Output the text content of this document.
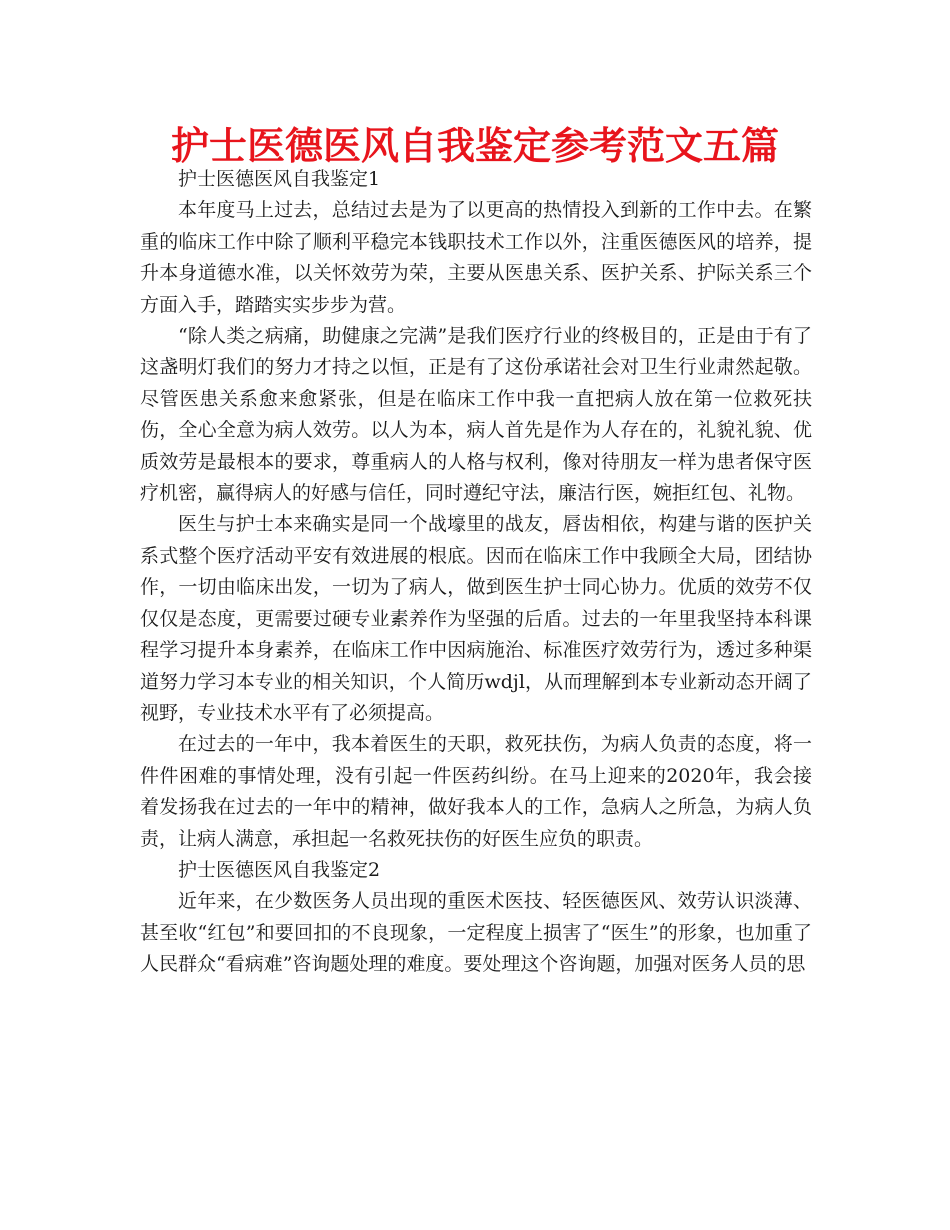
护士医德医风自我鉴定参考范文五篇

护士医德医风自我鉴定1

本年度马上过去，总结过去是为了以更高的热情投入到新的工作中去。在繁重的临床工作中除了顺利平稳完本钱职技术工作以外，注重医德医风的培养，提升本身道德水准，以关怀效劳为荣，主要从医患关系、医护关系、护际关系三个方面入手，踏踏实实步步为营。

“除人类之病痛，助健康之完满”是我们医疗行业的终极目的，正是由于有了这盏明灯我们的努力才持之以恒，正是有了这份承诺社会对卫生行业肃然起敬。尽管医患关系愈来愈紧张，但是在临床工作中我一直把病人放在第一位救死扶伤，全心全意为病人效劳。以人为本，病人首先是作为人存在的，礼貌礼貌、优质效劳是最根本的要求，尊重病人的人格与权利，像对待朋友一样为患者保守医疗机密，赢得病人的好感与信任，同时遵纪守法，廉洁行医，婉拒红包、礼物。

医生与护士本来确实是同一个战壕里的战友，唇齿相依，构建与谐的医护关系式整个医疗活动平安有效进展的根底。因而在临床工作中我顾全大局，团结协作，一切由临床出发，一切为了病人，做到医生护士同心协力。优质的效劳不仅仅仅是态度，更需要过硬专业素养作为坚强的后盾。过去的一年里我坚持本科课程学习提升本身素养，在临床工作中因病施治、标准医疗效劳行为，透过多种渠道努力学习本专业的相关知识，个人简历wdjl，从而理解到本专业新动态开阔了视野，专业技术水平有了必须提高。

在过去的一年中，我本着医生的天职，救死扶伤，为病人负责的态度，将一件件困难的事情处理，没有引起一件医药纠纷。在马上迎来的2020年，我会接着发扬我在过去的一年中的精神，做好我本人的工作，急病人之所急，为病人负责，让病人满意，承担起一名救死扶伤的好医生应负的职责。

护士医德医风自我鉴定2

近年来，在少数医务人员出现的重医术医技、轻医德医风、效劳认识淡薄、甚至收“红包”和要回扣的不良现象，一定程度上损害了“医生”的形象，也加重了人民群众“看病难”咨询题处理的难度。要处理这个咨询题，加强对医务人员的思
